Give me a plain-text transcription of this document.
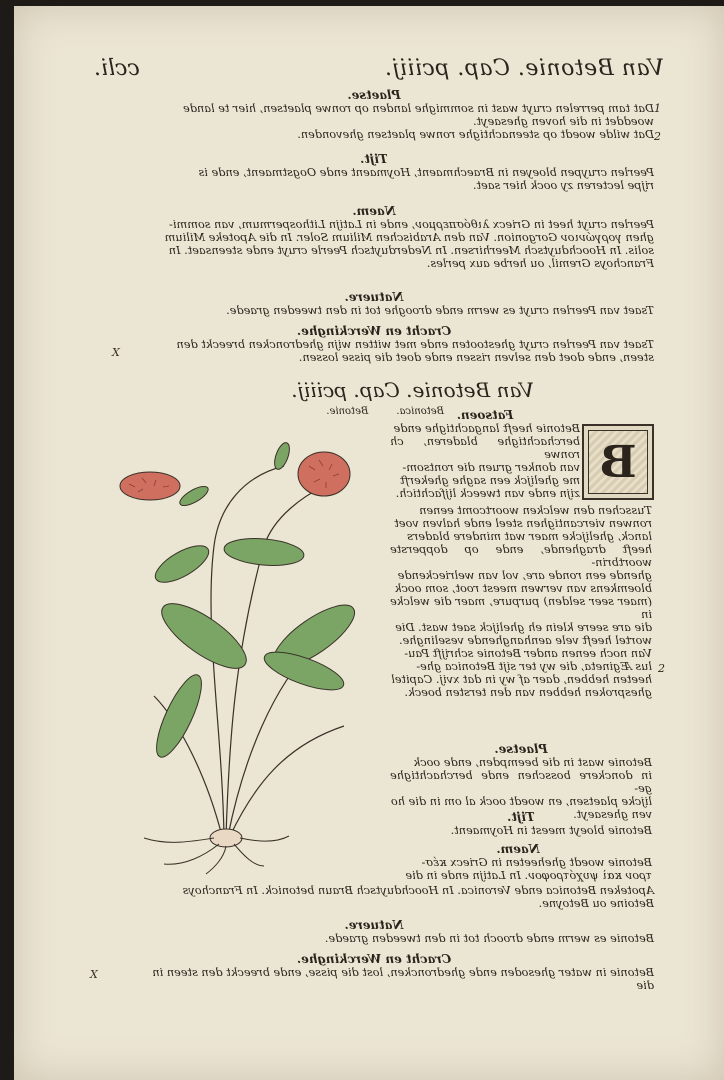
Van Betonie. Cap. pciiij.
ccli.
Plaetse.
Dat tam perrelen cruyt wast in sommighe landen op ronwe plaetsen, hier te lande
woeddet in die hoven ghesaeyt.
Dat wilde woedt op steenachtighe ronwe plaetsen ghevonden.
1
2
Tijt.
Peerlen cruypen bloeyen in Braechmaent, Hoymaent ende Oogstmaent, ende is
rijpe lecteren zy oock hier saet.
Naem.
Peerlen cruyt heet in Griecx λιθόσπερμον, ende in Latijn Lithospermum, van sommi-
ghen γοργώνιον Gorgonion. Van den Arabischen Milium Soler. In die Apoteke Milium
solis. In Hoochduytsch Meerhirsen. In Nederduytsch Peerle cruyt ende steensaet. In
Franchoys Gremil, ou herbe aux perles.
Natuere.
Tsaet van Peerlen cruyt es werm ende drooghe tot in den tweeden graede.
Cracht en Werckinghe.
Tsaet van Peerlen cruyt ghestooten ende met witten wijn ghedroncken breeckt den
steen, ende doet den selven rissen ende doet die pisse lossen.
X
Van Betonie. Cap. pciiij.
Betonica.
Betonie.
B
Fatsoen.
Betonie heeft langachtighe ende
berchachtighe bladeren, ch ronwe
van donker gruen die rontsom-
me ghelijck een saghe ghekerft
zijn ende van tweeck lijfachtich.
Tusschen den welcken woortcomt eenen
ronwen viercantighen steel ende halven voet
lanck, ghelijcke maer wat mindere bladers
heeft draghende, ende op dopperste woortbrin-
ghende een ronde are, vol van welrieckende
bloemkens van verwen meest root, som oock
(maer seer selden) purpure, maer die welcke in
die are seere klein eh ghelijck saet wast. Die
wortel heeft vele aenhanghende veselinghe.
Van noch eenen ander Betonie schrijft Pau-
lus Ægineta, die wy ter sijt Betonica ghe-
heeten hebben, daer af wy in dat xvij. Capitel
ghesproken hebben van den tersten boeck.
2
Plaetse.
Betonie wast in die beempden, ende oock
in donckere bosschen ende berchachtighe ge-
lijcke plaetsen, en woedt oock al om in die ho
ven ghesaeyt.
Tijt.
Betonie bloeyt meest in Hoymaent.
Naem.
Betonie woedt gheheeten in Griecx κέσ-
τρον καὶ ψυχότροφον. In Latijn ende in die
Apoteken Betonica ende Veronica. In Hoochduytsch Braun betonick. In Franchoys
Betoine ou Betoyne.
Natuere.
Betonie es werm ende drooch tot in den tweeden graede.
Cracht en Werckinghe.
Betonie in water ghesoden ende ghedroncken, lost die pisse, ende breeckt den steen in
die
X
